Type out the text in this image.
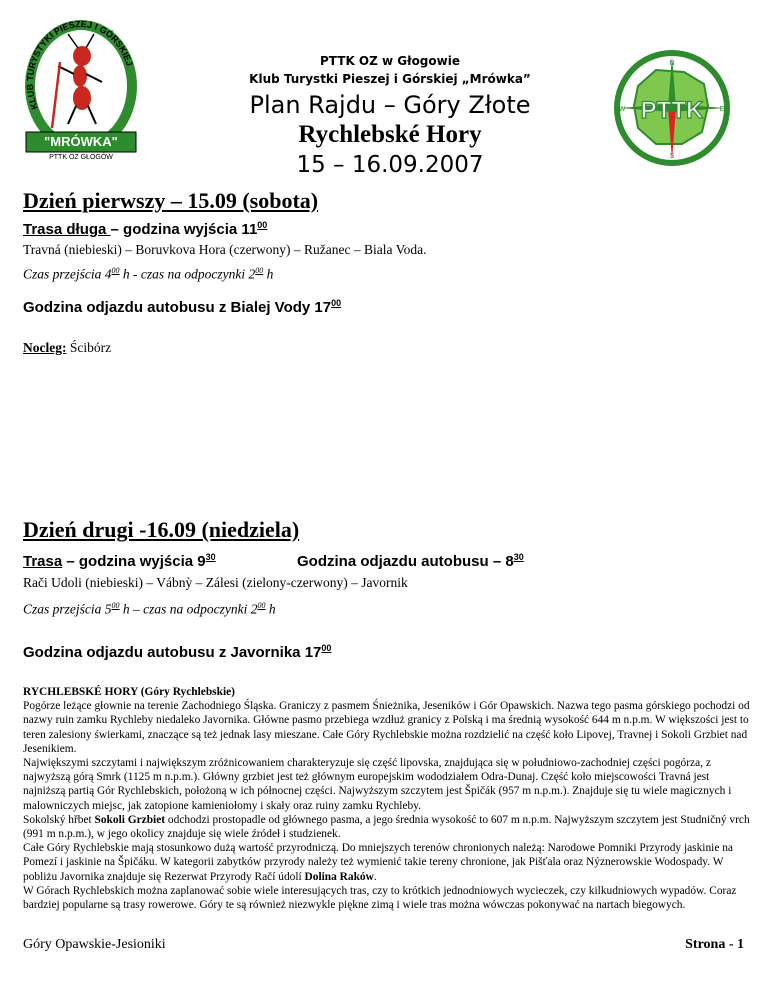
KLUB TURYSTYKI PIESZEJ I GÓRSKIEJ
"MRÓWKA"
PTTK OZ GŁOGÓW
PTTK
N
E
S
W
PTTK OZ w Głogowie
Klub Turystki Pieszej i Górskiej „Mrówka”
Plan Rajdu – Góry Złote
Rychlebské Hory
15 – 16.09.2007
Dzień pierwszy – 15.09 (sobota)
Trasa długa – godzina wyjścia $11^{00}$
Travná (niebieski) – Boruvkova Hora (czerwony) – Ružanec – Biala Voda.
Czas przejścia $4^{00}$ h - czas na odpoczynki $2^{00}$ h
Godzina odjazdu autobusu z Bialej Vody $17^{00}$
Nocleg: Ścibórz
Dzień drugi -16.09 (niedziela)
Trasa – godzina wyjścia $9^{30}$	Godzina odjazdu autobusu – $8^{30}$
Rači Udoli (niebieski) – Vábnỳ – Zálesi (zielony-czerwony) – Javornik
Czas przejścia $5^{00}$ h – czas na odpoczynki $2^{00}$ h
Godzina odjazdu autobusu z Javornika $17^{00}$

RYCHLEBSKÉ HORY (Góry Rychlebskie)

Pogórze leżące głownie na terenie Zachodniego Śląska. Graniczy z pasmem Śnieżnika, Jeseników i Gór Opawskich. Nazwa tego pasma górskiego pochodzi od nazwy ruin zamku Rychleby niedaleko Javornika. Główne pasmo przebiega wzdłuż granicy z Polską i ma średnią wysokość 644 m n.p.m. W większości jest to teren zalesiony świerkami, znaczące są też jednak lasy mieszane. Całe Góry Rychlebskie można rozdzielić na część koło Lipovej, Travnej i Sokoli Grzbiet nad Jesenikiem.

Największymi szczytami i największym zróżnicowaniem charakteryzuje się część lipovska, znajdująca się w południowo-zachodniej części pogórza, z najwyższą górą Smrk (1125 m n.p.m.). Główny grzbiet jest też głównym europejskim wododziałem Odra-Dunaj. Część koło miejscowości Travná jest najniższą partią Gór Rychlebskich, położoną w ich północnej części. Najwyższym szczytem jest Špičák (957 m n.p.m.). Znajduje się tu wiele magicznych i malowniczych miejsc, jak zatopione kamieniołomy i skały oraz ruiny zamku Rychleby.

Sokolský hřbet Sokoli Grzbiet odchodzi prostopadle od głównego pasma, a jego średnia wysokość to 607 m n.p.m. Najwyższym szczytem jest Studničný vrch (991 m n.p.m.), w jego okolicy znajduje się wiele źródeł i studzienek.

Całe Góry Rychlebskie mają stosunkowo dużą wartość przyrodniczą. Do mniejszych terenów chronionych należą: Narodowe Pomniki Przyrody jaskinie na Pomezí i jaskinie na Špičáku. W kategorii zabytków przyrody należy też wymienić takie tereny chronione, jak Pišťala oraz Nýznerowskie Wodospady. W pobliżu Javornika znajduje się Rezerwat Przyrody Račí údolí Dolina Raków.

W Górach Rychlebskich można zaplanować sobie wiele interesujących tras, czy to krótkich jednodniowych wycieczek, czy kilkudniowych wypadów. Coraz bardziej popularne są trasy rowerowe. Góry te są również niezwykle piękne zimą i wiele tras można wówczas pokonywać na nartach biegowych.

Góry Opawskie-Jesioniki	Strona - 1
